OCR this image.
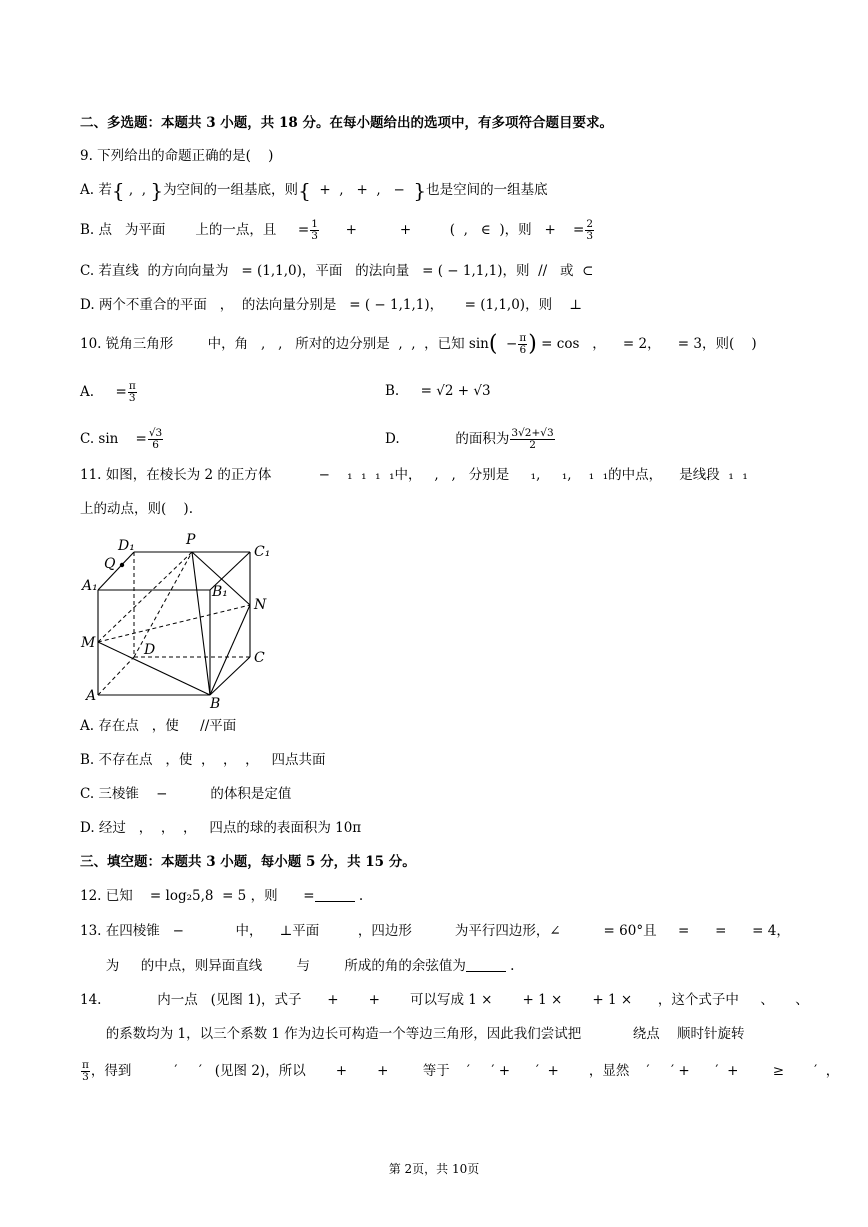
二、多选题：本题共 3 小题，共 18 分。在每小题给出的选项中，有多项符合题目要求。
9. 下列给出的命题正确的是(    )
A. 若{ ,  , }为空间的一组基底，则{  +  ,   +  ,   −  }也是空间的一组基底
B. 点   为平面       上的一点，且     = $\frac{1}{3}$ +          +         (  ,   ∈  )，则   +    = $\frac{2}{3}$
C. 若直线  的方向向量为   = (1,1,0)，平面   的法向量   = ( − 1,1,1)，则  //   或  ⊂
D. 两个不重合的平面   ，  的法向量分别是   = ( − 1,1,1)，     = (1,1,0)，则    ⊥
10. 锐角三角形        中，角   ,   ,   所对的边分别是  ,  ,  ，已知 $\sin( - \frac{\pi}{6}$ ) = cos   ，    = 2，    = 3，则(    )
A.     = $\frac{\pi}{3}$	B.     = √2 + √3
C. sin    = $\frac{√3}{6}$	D.             的面积为 $\frac{3√2+√3}{2}$
11. 如图，在棱长为 2 的正方体           −    ₁  ₁  ₁  ₁中，   ,   ,   分别是     ₁,     ₁,    ₁  ₁的中点，    是线段  ₁  ₁
上的动点，则(    ).
D₁	P
C₁
Q
A₁	B₁
N
M	D	C
A	B
A. 存在点   ，使     //平面
B. 不存在点   ，使  ，  ，  ，   四点共面
C. 三棱锥    −          的体积是定值
D. 经过   ，  ，  ，   四点的球的表面积为 10π
三、填空题：本题共 3 小题，每小题 5 分，共 15 分。
12. 已知    = log₂5,8  = 5 ，则      =	.
13. 在四棱锥   −            中，    ⊥平面         ，四边形          为平行四边形，∠          = 60°且     =      =      = 4，
为     的中点，则异面直线        与        所成的角的余弦值为	.
14.             内一点   (见图 1)，式子      +       +       可以写成 1 ×       + 1 ×       + 1 ×      ，这个式子中     、     、
的系数均为 1，以三个系数 1 作为边长可构造一个等边三角形，因此我们尝试把            绕点    顺时针旋转
$\frac{\pi}{3}$ ，得到          ′     ′   (见图 2)，所以       +       +        等于    ′     ′ +      ′  +       ，显然    ′     ′ +      ′  +        ≥       ′  ，
第 2页，共 10页
